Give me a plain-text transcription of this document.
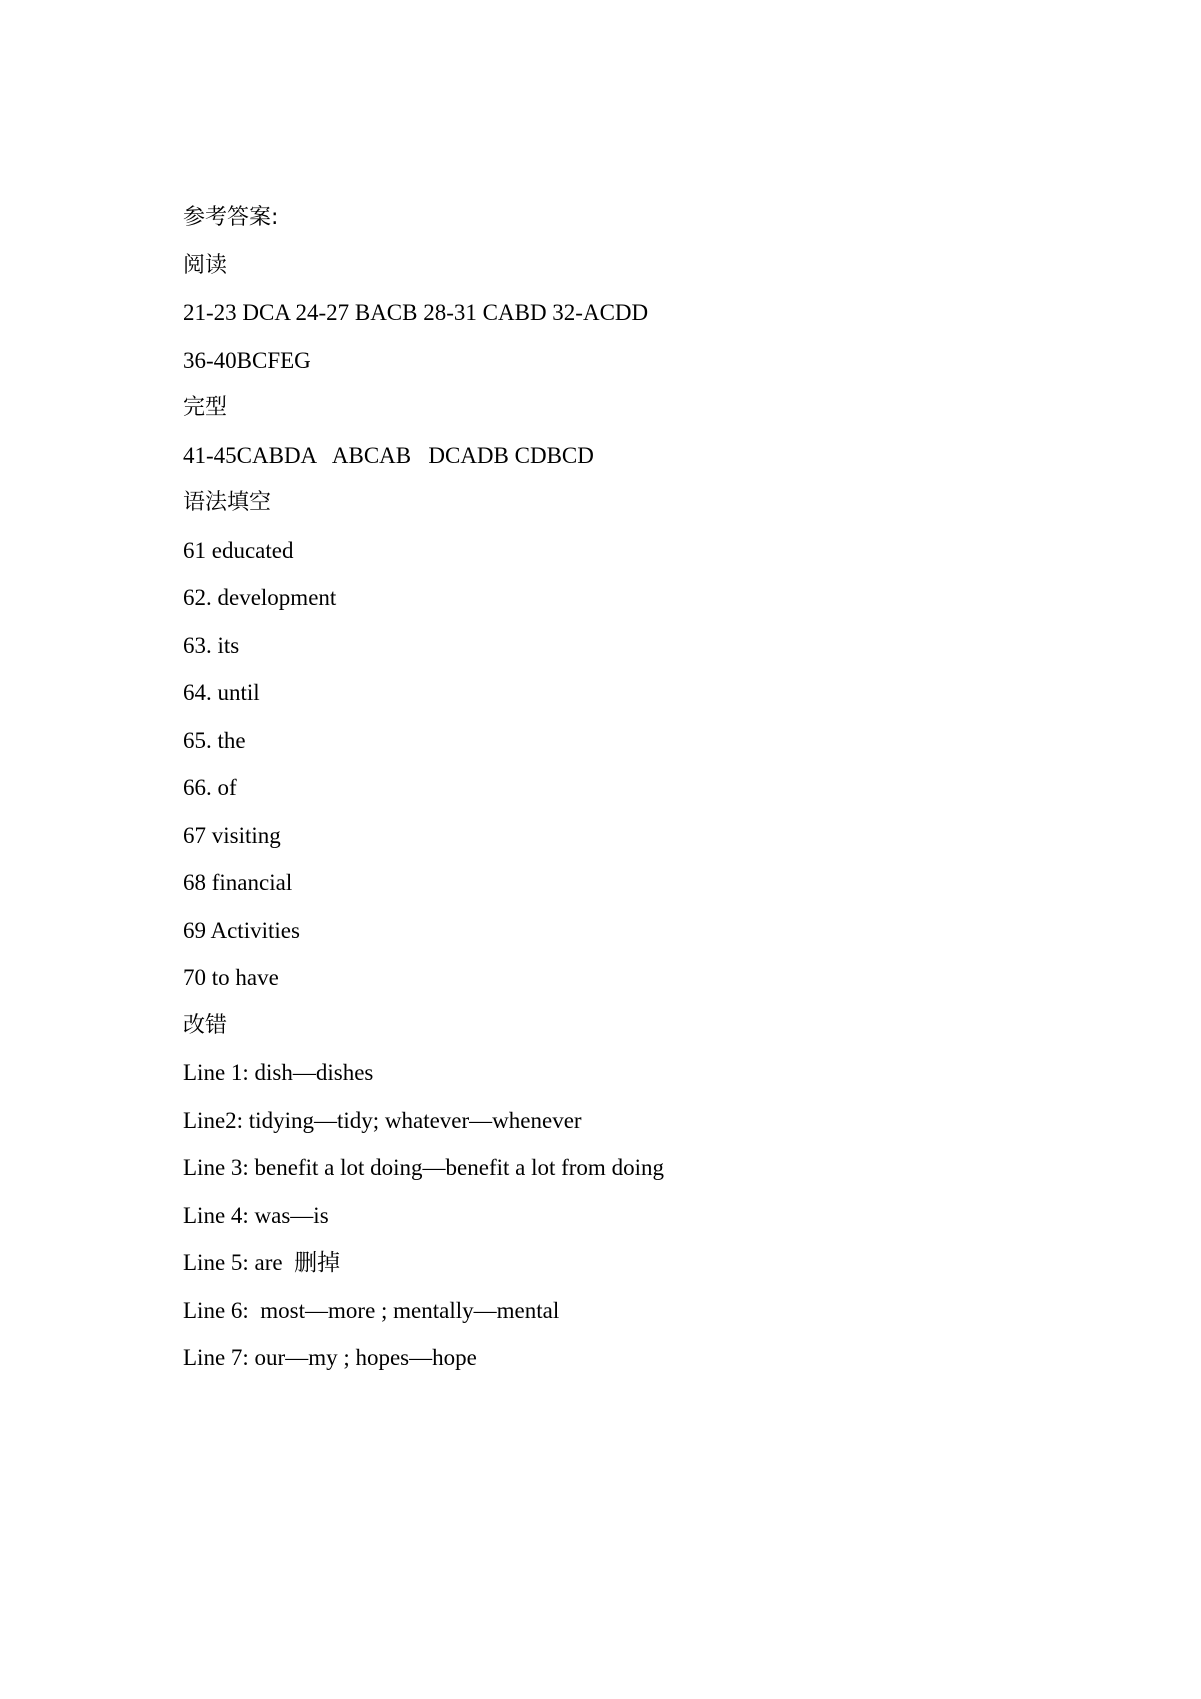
参考答案:
阅读
21-23 DCA 24-27 BACB 28-31 CABD 32-ACDD
36-40BCFEG
完型
41-45CABDA   ABCAB   DCADB CDBCD
语法填空
61 educated
62. development
63. its
64. until
65. the
66. of
67 visiting
68 financial
69 Activities
70 to have
改错
Line 1: dish—dishes
Line2: tidying—tidy; whatever—whenever
Line 3: benefit a lot doing—benefit a lot from doing
Line 4: was—is
Line 5: are  删掉
Line 6:  most—more ; mentally—mental
Line 7: our—my ; hopes—hope
